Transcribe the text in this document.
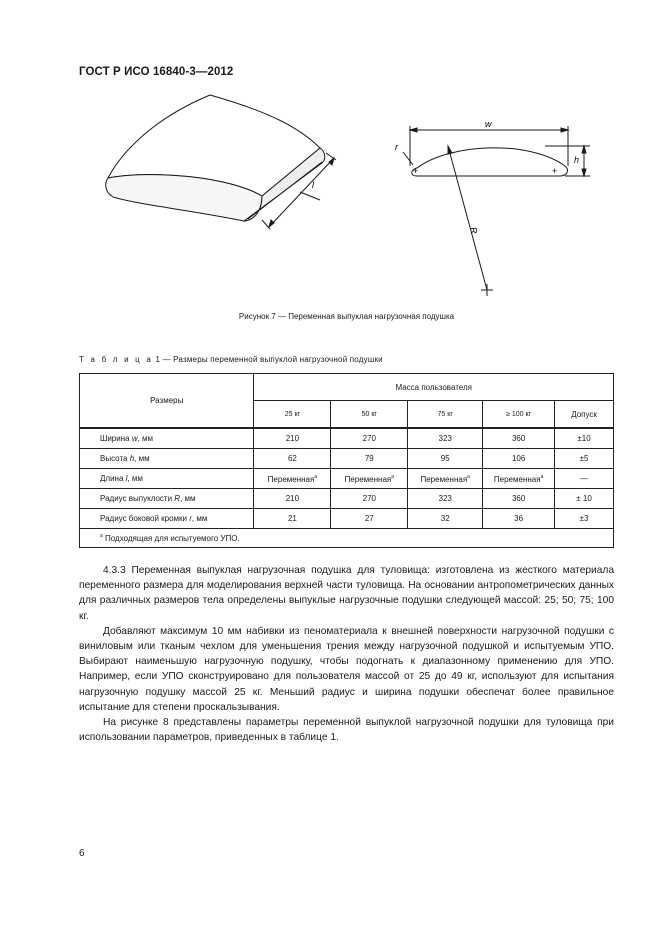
ГОСТ Р ИСО 16840-3—2012
l
w
h
r
R
+	+
Рисунок 7 — Переменная выпуклая нагрузочная подушка
Т а б л и ц а 1 — Размеры переменной выпуклой нагрузочной подушки
Размеры	Масса пользователя				
	25 кг	50 кг	75 кг	≥ 100 кг	Допуск
Ширина w, мм	210	270	323	360	±10
Высота h, мм	62	79	95	106	±5
Длина l, мм	Переменная$^a$	Переменная$^a$	Переменная$^a$	Переменная$^a$	—
Радиус выпуклости R, мм	210	270	323	360	± 10
Радиус боковой кромки r, мм	21	27	32	36	±3
$^a$ Подходящая для испытуемого УПО.					

4.3.3 Переменная выпуклая нагрузочная подушка для туловища: изготовлена из жесткого материала переменного размера для моделирования верхней части туловища. На основании антропометрических данных для различных размеров тела определены выпуклые нагрузочные подушки следующей массой: 25; 50; 75; 100 кг.

Добавляют максимум 10 мм набивки из пеноматериала к внешней поверхности нагрузочной подушки с виниловым или тканым чехлом для уменьшения трения между нагрузочной подушкой и испытуемым УПО. Выбирают наименьшую нагрузочную подушку, чтобы подогнать к диапазонному применению для УПО. Например, если УПО сконструировано для пользователя массой от 25 до 49 кг, используют для испытания нагрузочную подушку массой 25 кг. Меньший радиус и ширина подушки обеспечат более правильное испытание для степени проскальзывания.

На рисунке 8 представлены параметры переменной выпуклой нагрузочной подушки для туловища при использовании параметров, приведенных в таблице 1.

6
